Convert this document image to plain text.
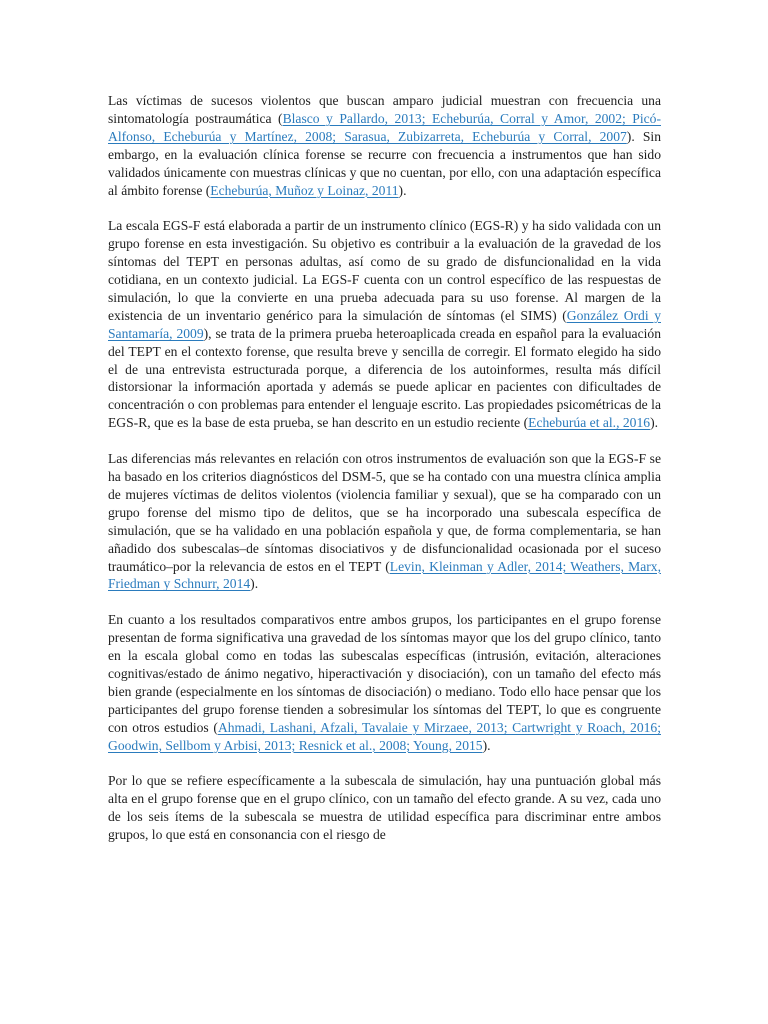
Las víctimas de sucesos violentos que buscan amparo judicial muestran con frecuencia una sintomatología postraumática (Blasco y Pallardo, 2013; Echeburúa, Corral y Amor, 2002; Picó-Alfonso, Echeburúa y Martínez, 2008; Sarasua, Zubizarreta, Echeburúa y Corral, 2007). Sin embargo, en la evaluación clínica forense se recurre con frecuencia a instrumentos que han sido validados únicamente con muestras clínicas y que no cuentan, por ello, con una adaptación específica al ámbito forense (Echeburúa, Muñoz y Loinaz, 2011).

La escala EGS-F está elaborada a partir de un instrumento clínico (EGS-R) y ha sido validada con un grupo forense en esta investigación. Su objetivo es contribuir a la evaluación de la gravedad de los síntomas del TEPT en personas adultas, así como de su grado de disfuncionalidad en la vida cotidiana, en un contexto judicial. La EGS-F cuenta con un control específico de las respuestas de simulación, lo que la convierte en una prueba adecuada para su uso forense. Al margen de la existencia de un inventario genérico para la simulación de síntomas (el SIMS) (González Ordi y Santamaría, 2009), se trata de la primera prueba heteroaplicada creada en español para la evaluación del TEPT en el contexto forense, que resulta breve y sencilla de corregir. El formato elegido ha sido el de una entrevista estructurada porque, a diferencia de los autoinformes, resulta más difícil distorsionar la información aportada y además se puede aplicar en pacientes con dificultades de concentración o con problemas para entender el lenguaje escrito. Las propiedades psicométricas de la EGS-R, que es la base de esta prueba, se han descrito en un estudio reciente (Echeburúa et al., 2016).

Las diferencias más relevantes en relación con otros instrumentos de evaluación son que la EGS-F se ha basado en los criterios diagnósticos del DSM-5, que se ha contado con una muestra clínica amplia de mujeres víctimas de delitos violentos (violencia familiar y sexual), que se ha comparado con un grupo forense del mismo tipo de delitos, que se ha incorporado una subescala específica de simulación, que se ha validado en una población española y que, de forma complementaria, se han añadido dos subescalas–de síntomas disociativos y de disfuncionalidad ocasionada por el suceso traumático–por la relevancia de estos en el TEPT (Levin, Kleinman y Adler, 2014; Weathers, Marx, Friedman y Schnurr, 2014).

En cuanto a los resultados comparativos entre ambos grupos, los participantes en el grupo forense presentan de forma significativa una gravedad de los síntomas mayor que los del grupo clínico, tanto en la escala global como en todas las subescalas específicas (intrusión, evitación, alteraciones cognitivas/estado de ánimo negativo, hiperactivación y disociación), con un tamaño del efecto más bien grande (especialmente en los síntomas de disociación) o mediano. Todo ello hace pensar que los participantes del grupo forense tienden a sobresimular los síntomas del TEPT, lo que es congruente con otros estudios (Ahmadi, Lashani, Afzali, Tavalaie y Mirzaee, 2013; Cartwright y Roach, 2016; Goodwin, Sellbom y Arbisi, 2013; Resnick et al., 2008; Young, 2015).

Por lo que se refiere específicamente a la subescala de simulación, hay una puntuación global más alta en el grupo forense que en el grupo clínico, con un tamaño del efecto grande. A su vez, cada uno de los seis ítems de la subescala se muestra de utilidad específica para discriminar entre ambos grupos, lo que está en consonancia con el riesgo de
